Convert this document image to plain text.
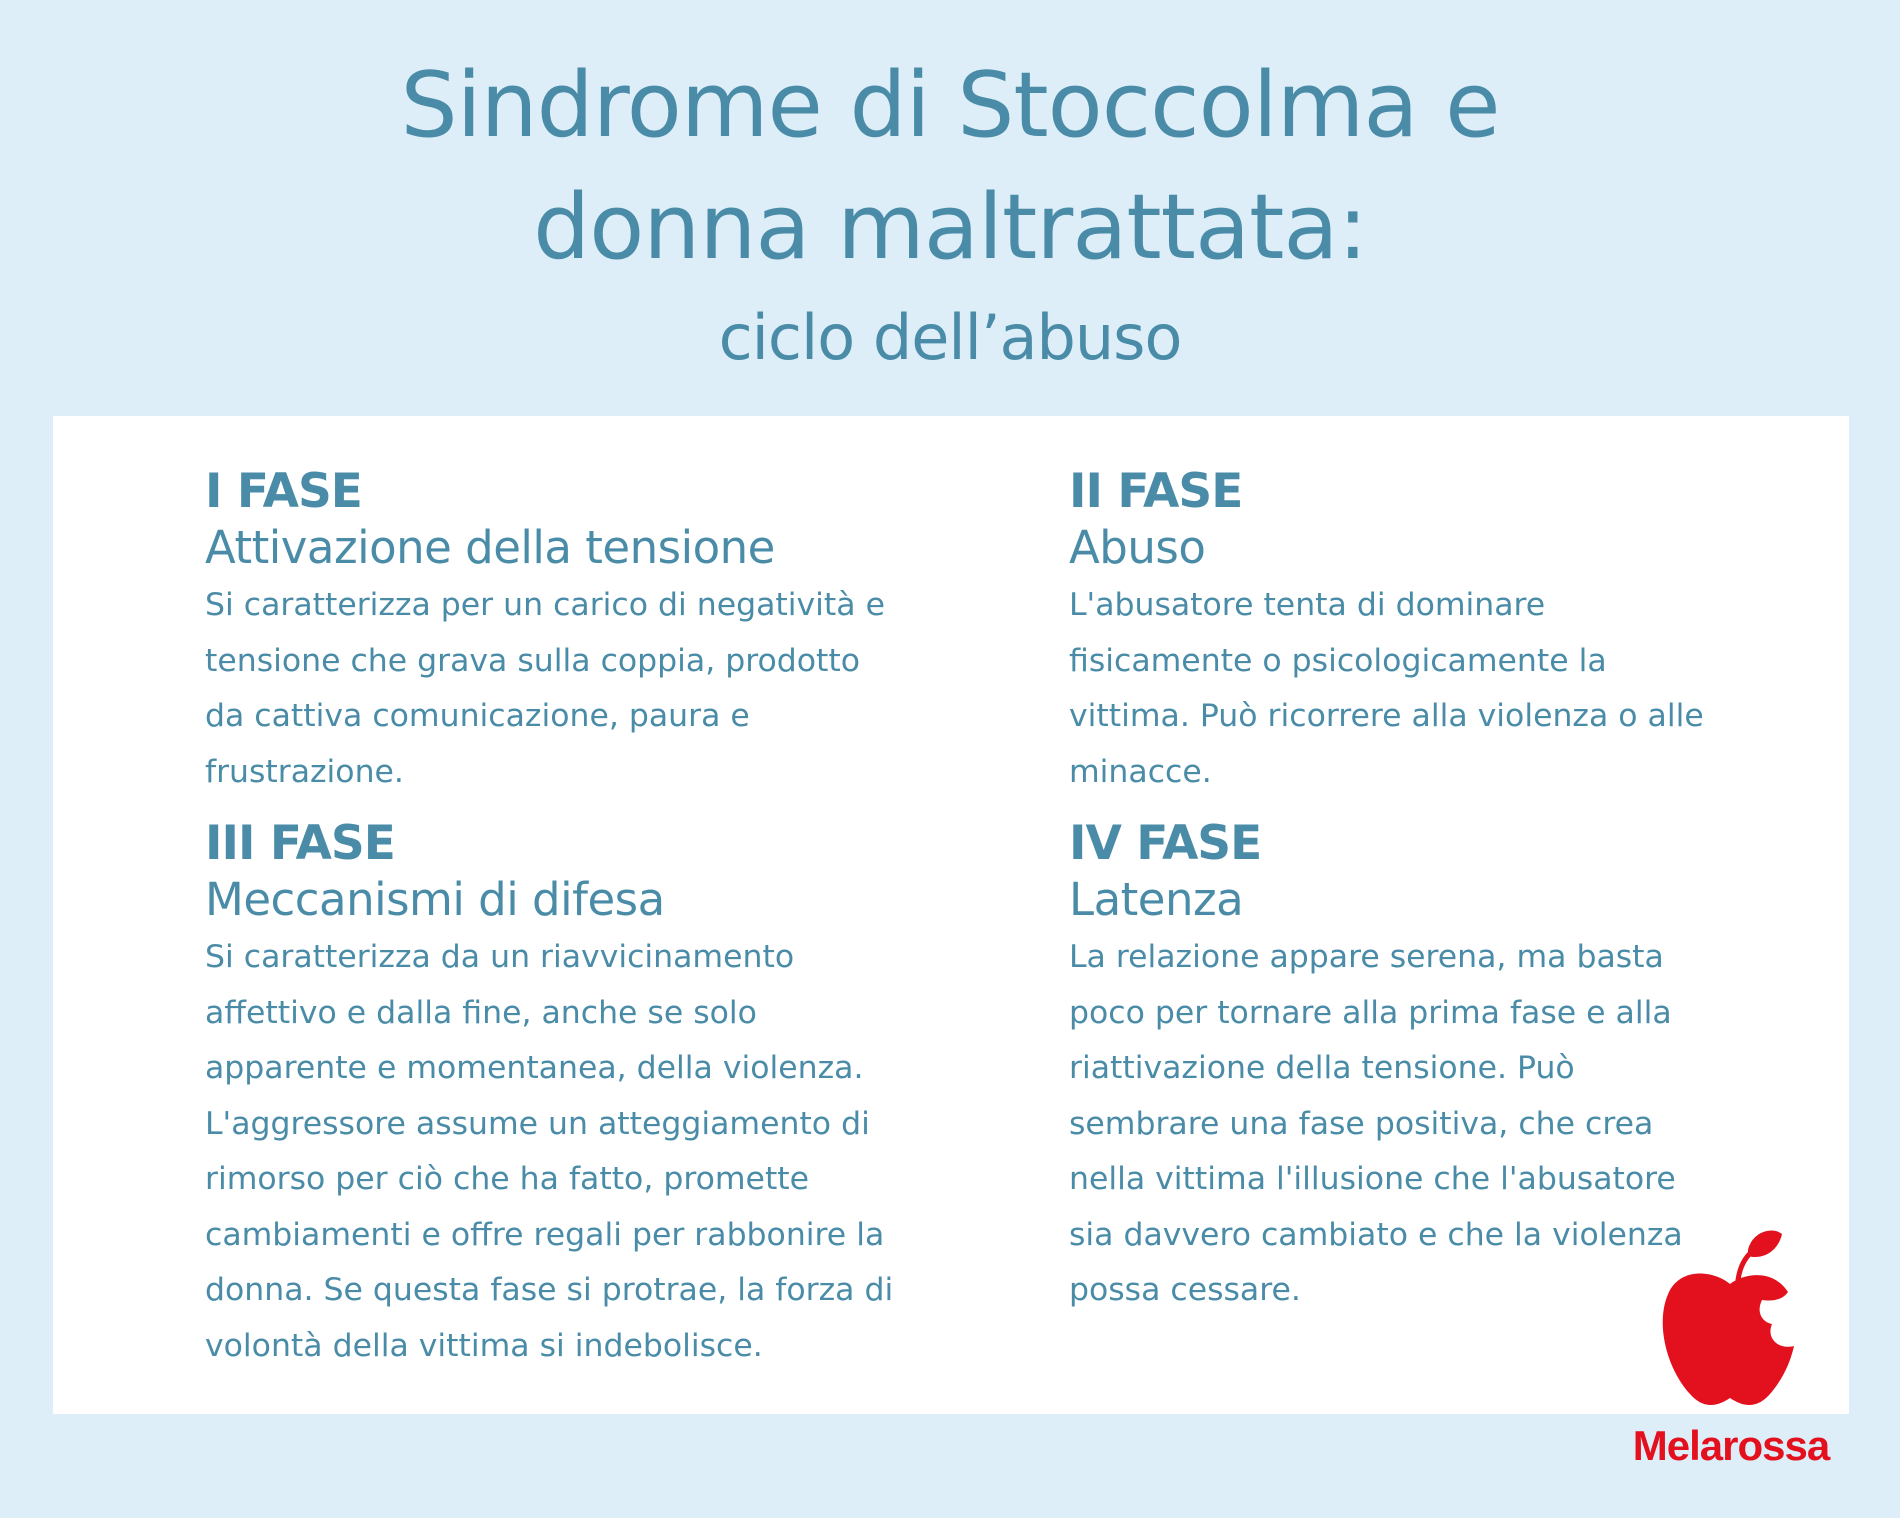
Sindrome di Stoccolma e
donna maltrattata:
ciclo dell’abuso
I FASE
Attivazione della tensione
Si caratterizza per un carico di negatività e tensione che grava sulla coppia, prodotto da cattiva comunicazione, paura e frustrazione.
II FASE
Abuso
L'abusatore tenta di dominare fisicamente o psicologicamente la vittima. Può ricorrere alla violenza o alle minacce.
III FASE
Meccanismi di difesa
Si caratterizza da un riavvicinamento affettivo e dalla fine, anche se solo apparente e momentanea, della violenza. L'aggressore assume un atteggiamento di rimorso per ciò che ha fatto, promette cambiamenti e offre regali per rabbonire la donna. Se questa fase si protrae, la forza di volontà della vittima si indebolisce.
IV FASE
Latenza
La relazione appare serena, ma basta poco per tornare alla prima fase e alla riattivazione della tensione. Può sembrare una fase positiva, che crea nella vittima l'illusione che l'abusatore sia davvero cambiato e che la violenza possa cessare.
Melarossa
